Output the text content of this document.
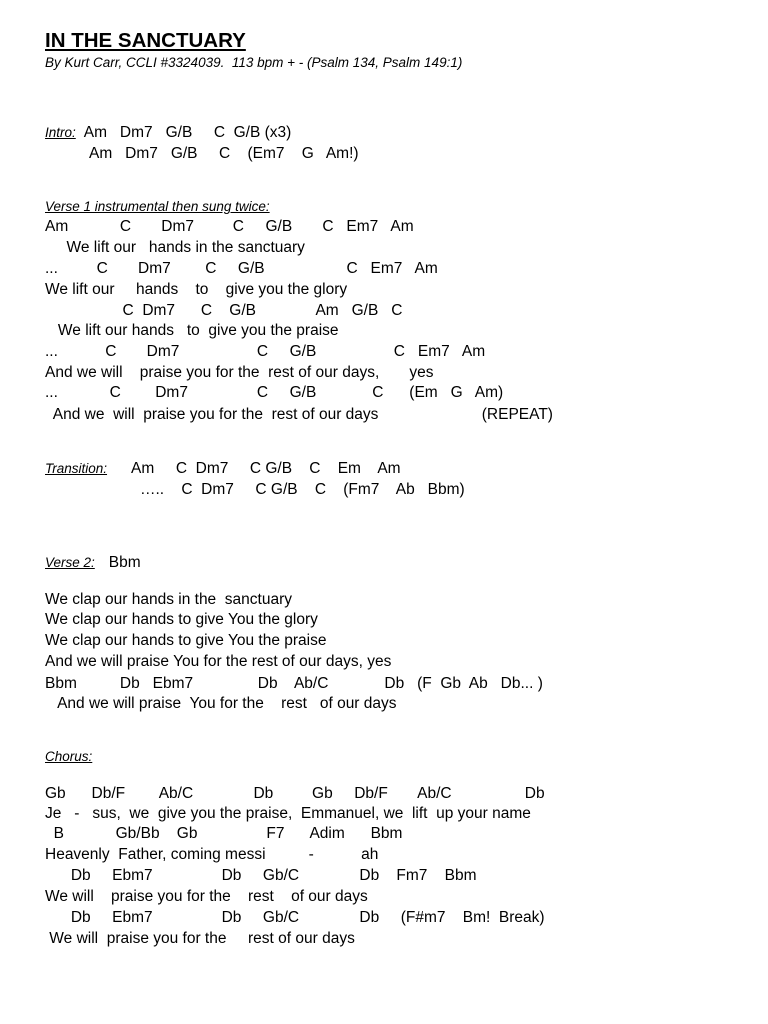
IN THE SANCTUARY
By Kurt Carr, CCLI #3324039.  113 bpm + - (Psalm 134, Psalm 149:1)
Intro: Am   Dm7   G/B     C  G/B (x3)
Am   Dm7   G/B     C    (Em7    G   Am!)
Verse 1 instrumental then sung twice:
Am            C       Dm7         C     G/B       C   Em7   Am
We lift our   hands in the sanctuary
...         C       Dm7        C     G/B                   C   Em7   Am
We lift our     hands    to    give you the glory
C  Dm7      C    G/B              Am   G/B   C
We lift our hands   to  give you the praise
...           C       Dm7                  C     G/B                  C   Em7   Am
And we will    praise you for the  rest of our days,       yes
...            C        Dm7                C     G/B             C      (Em   G   Am)
And we  will  praise you for the  rest of our days                        (REPEAT)
Transition: Am     C  Dm7     C G/B    C    Em    Am
…..    C  Dm7     C G/B    C    (Fm7    Ab   Bbm)
Verse 2: Bbm
We clap our hands in the  sanctuary
We clap our hands to give You the glory
We clap our hands to give You the praise
And we will praise You for the rest of our days, yes
Bbm          Db   Ebm7               Db    Ab/C             Db   (F  Gb  Ab   Db... )
And we will praise  You for the    rest   of our days
Chorus:
Gb      Db/F        Ab/C              Db         Gb     Db/F       Ab/C                 Db
Je   -   sus,  we  give you the praise,  Emmanuel, we  lift  up your name
B            Gb/Bb    Gb                F7      Adim      Bbm
Heavenly  Father, coming messi          -           ah
Db     Ebm7                Db     Gb/C              Db    Fm7    Bbm
We will    praise you for the    rest    of our days
Db     Ebm7                Db     Gb/C              Db     (F#m7    Bm!  Break)
We will  praise you for the     rest of our days
